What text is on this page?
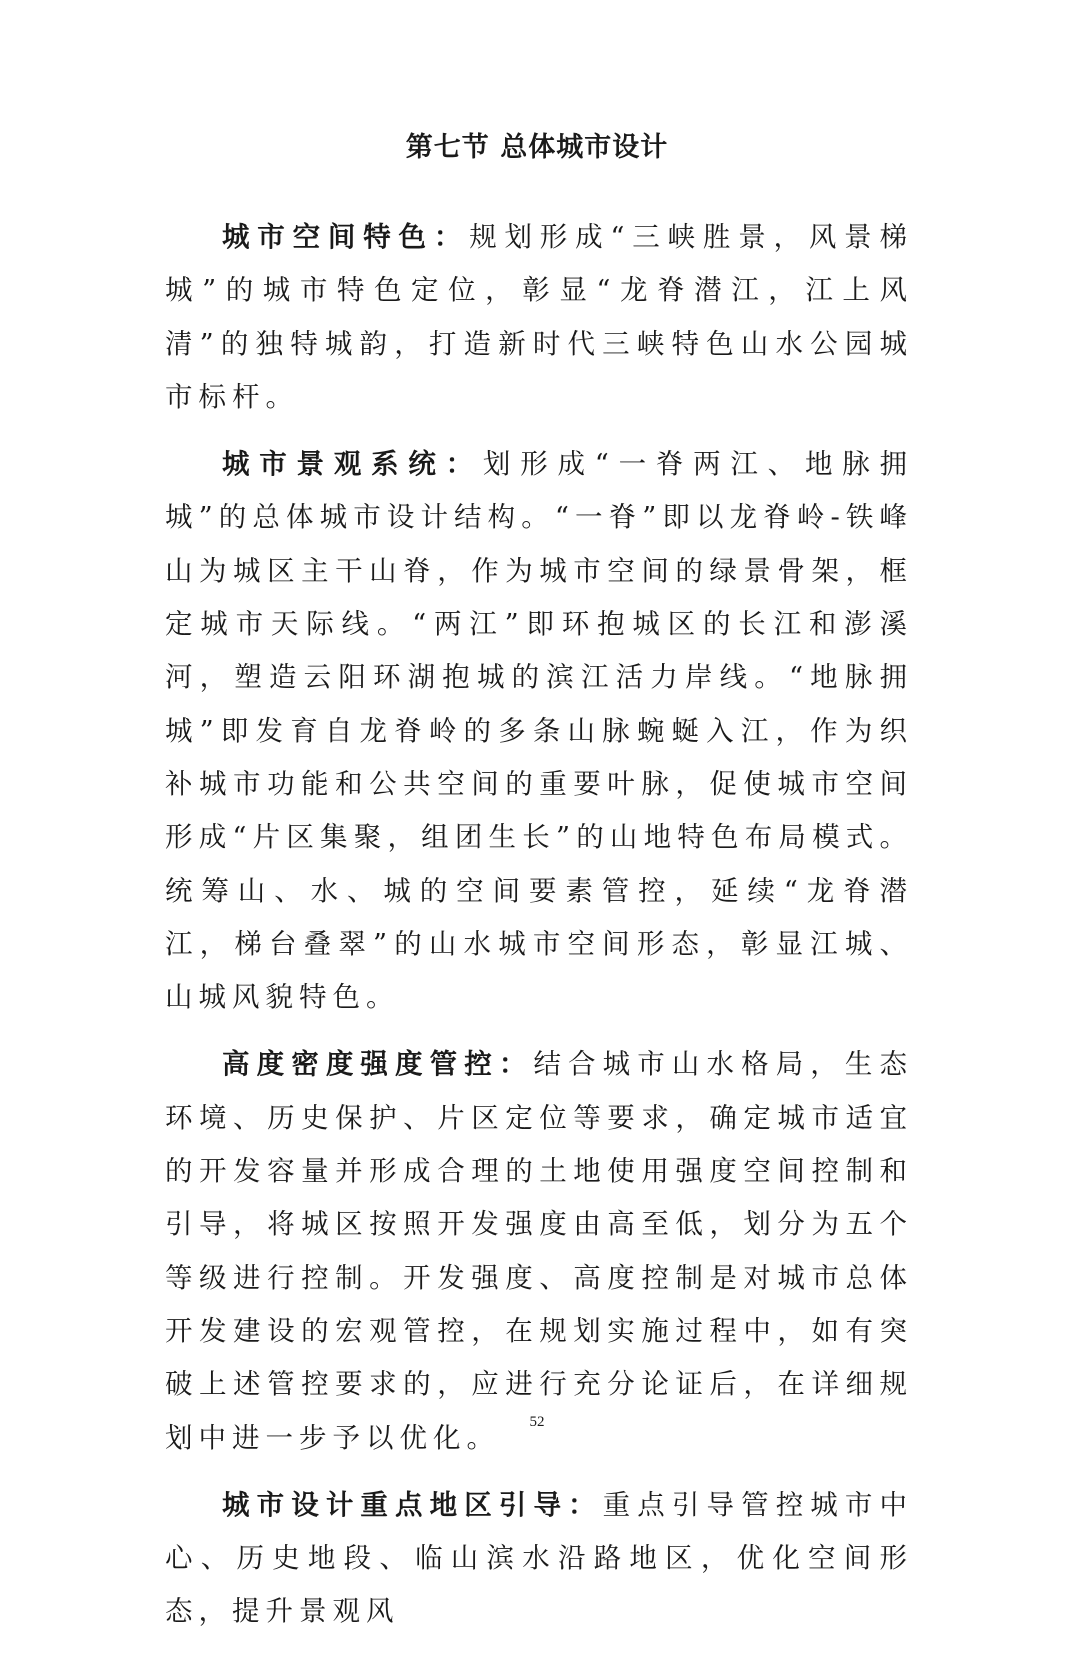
第七节 总体城市设计

城市空间特色：规划形成“三峡胜景，风景梯城”的城市特色定位，彰显“龙脊潜江，江上风清”的独特城韵，打造新时代三峡特色山水公园城市标杆。

城市景观系统：划形成“一脊两江、地脉拥城”的总体城市设计结构。“一脊”即以龙脊岭-铁峰山为城区主干山脊，作为城市空间的绿景骨架，框定城市天际线。“两江”即环抱城区的长江和澎溪河，塑造云阳环湖抱城的滨江活力岸线。“地脉拥城”即发育自龙脊岭的多条山脉蜿蜒入江，作为织补城市功能和公共空间的重要叶脉，促使城市空间形成“片区集聚，组团生长”的山地特色布局模式。统筹山、水、城的空间要素管控，延续“龙脊潜江，梯台叠翠”的山水城市空间形态，彰显江城、山城风貌特色。

高度密度强度管控：结合城市山水格局，生态环境、历史保护、片区定位等要求，确定城市适宜的开发容量并形成合理的土地使用强度空间控制和引导，将城区按照开发强度由高至低，划分为五个等级进行控制。开发强度、高度控制是对城市总体开发建设的宏观管控，在规划实施过程中，如有突破上述管控要求的，应进行充分论证后，在详细规划中进一步予以优化。

城市设计重点地区引导：重点引导管控城市中心、历史地段、临山滨水沿路地区，优化空间形态，提升景观风

52
